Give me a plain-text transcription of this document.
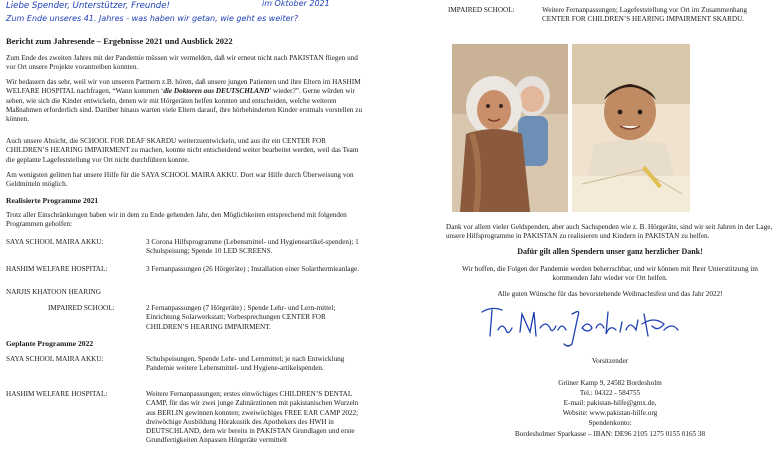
Liebe Spender, Unterstützer, Freunde!
Zum Ende unseres 41. Jahres - was haben wir getan, wie geht es weiter?
im Oktober 2021
Bericht zum Jahresende – Ergebnisse 2021 und Ausblick 2022

Zum Ende des zweiten Jahres mit der Pandemie müssen wir vermelden, daß wir erneut nicht nach PAKISTAN fliegen und vor Ort unsere Projekte vorantreiben konnten.

Wir bedauern das sehr, weil wir von unseren Partnern z.B. hören, daß unsere jungen Patienten und ihre Eltern im HASHIM WELFARE HOSPITAL nachfragen, “Wann kommen ‘die Doktoren aus DEUTSCHLAND’ wieder?”. Gerne würden wir sehen, wie sich die Kinder entwickeln, denen wir mit Hörgeräten helfen konnten und entscheiden, welche weiteren Maßnahmen erforderlich sind. Darüber hinaus warten viele Eltern darauf, ihre hörbehinderten Kinder erstmals vorstellen zu können.

Auch unsere Absicht, die SCHOOL FOR DEAF SKARDU weiterzuentwickeln, und aus ihr ein CENTER FOR CHILDREN’S HEARING IMPAIRMENT zu machen, konnte nicht entscheidend weiter bearbeitet werden, weil das Team die geplante Lagefeststellung vor Ort nicht durchführen konnte.

Am wenigsten gelitten hat unsere Hilfe für die SAYA SCHOOL MAIRA AKKU. Dort war Hilfe durch Überweisung von Geldmitteln möglich.

Realisierte Programme 2021
Trotz aller Einschränkungen haben wir in dem zu Ende gehenden Jahr, den Möglichkeiten entsprechend mit folgenden Programmen geholfen:
SAYA SCHOOL MAIRA AKKU:	3 Corona Hilfsprogramme (Lebensmittel- und Hygieneartikel-spenden); 1 Schulspeisung; Spende 10 LED SCREENS.
HASHIM WELFARE HOSPITAL:	3 Fernanpassungen (26 Hörgeräte) ; Installation einer Solarthermieanlage.
NARJIS KHATOON HEARING
IMPAIRED SCHOOL:	2 Fernanpassungen (7 Hörgeräte) ; Spende Lehr- und Lern-mittel; Einrichtung Solarwerkstatt; Vorbesprechungen CENTER FOR CHILDREN’S HEARING IMPAIRMENT.
Geplante Programme 2022
SAYA SCHOOL MAIRA AKKU:	Schulspeisungen, Spende Lehr- und Lernmittel; je nach Entwicklung Pandemie weitere Lebensmittel- und Hygiene-artikelspenden.
HASHIM WELFARE HOSPITAL:	Weitere Fernanpassungen; erstes einwöchiges CHILDREN’S DENTAL CAMP, für das wir zwei junge Zahnärztinnen mit pakistanischen Wurzeln aus BERLIN gewinnen konnten; zweiwöchiges FREE EAR CAMP 2022; dreiwöchige Ausbildung Hörakustik des Apothekers des HWH in DEUTSCHLAND, dem wir bereits in PAKISTAN Grundlagen und erste Grundfertigkeiten Anpassen Hörgeräte vermittelt
IMPAIRED SCHOOL:	Weitere Fernanpassungen; Lagefeststellung vor Ort im Zusammenhang CENTER FOR CHILDREN’S HEARING IMPAIRMENT SKARDU.
Dank vor allem vieler Geldspenden, aber auch Sachspenden wie z. B. Hörgeräte, sind wir seit Jahren in der Lage, unsere Hilfsprogramme in PAKISTAN zu realisieren und Kindern in PAKISTAN zu helfen.
Dafür gilt allen Spendern unser ganz herzlicher Dank!
Wir hoffen, die Folgen der Pandemie werden beherrschbar, und wir können mit Ihrer Unterstützung im kommenden Jahr wieder vor Ort helfen.
Alle guten Wünsche für das bevorstehende Weihnachtsfest und das Jahr 2022!
Vorsitzender
Grüner Kamp 9, 24582 Bordesholm
Tel.: 04322 - 584755
E-mail: pakistan-hilfe@gmx.de,
Website: www.pakistan-hilfe.org
Spendenkonto:
Bordesholmer Sparkasse – IBAN: DE96 2105 1275 0155 0165 38
